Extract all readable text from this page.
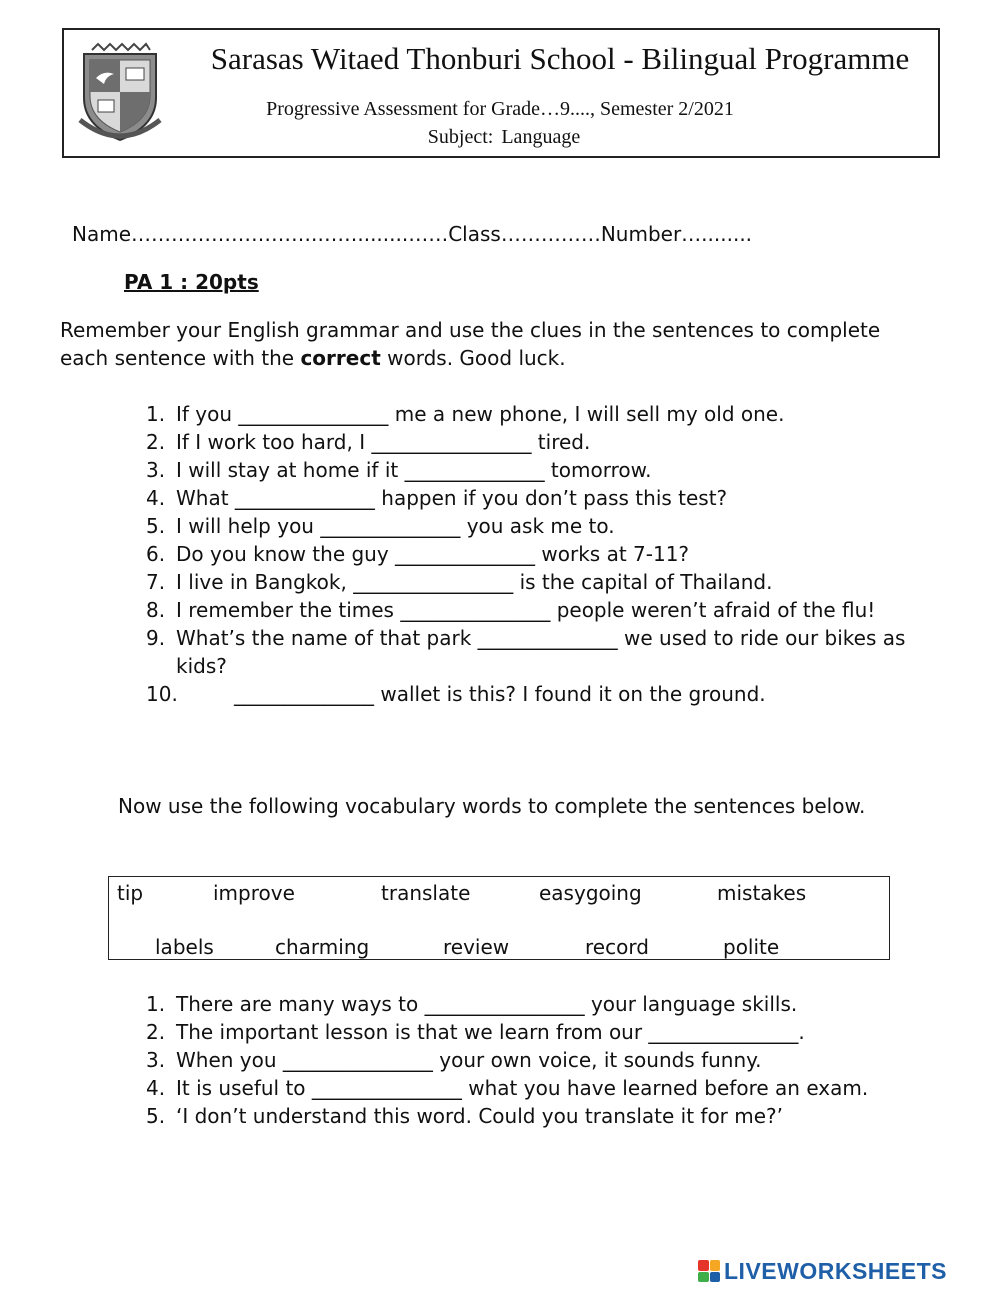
Sarasas Witaed Thonburi School - Bilingual Programme
Progressive Assessment for Grade…9...., Semester 2/2021
Subject: Language
Name……………………….……........……Class……………Number…........
PA 1 : 20pts
Remember your English grammar and use the clues in the sentences to complete each sentence with the correct words. Good luck.
1. If you _______________ me a new phone, I will sell my old one.
2. If I work too hard, I ________________ tired.
3. I will stay at home if it ______________ tomorrow.
4. What ______________ happen if you don’t pass this test?
5. I will help you ______________ you ask me to.
6. Do you know the guy ______________ works at 7-11?
7. I live in Bangkok, ________________ is the capital of Thailand.
8. I remember the times _______________ people weren’t afraid of the flu!
9. What’s the name of that park ______________ we used to ride our bikes as kids?
10.	______________ wallet is this? I found it on the ground.
Now use the following vocabulary words to complete the sentences below.
tip	improve	translate	easygoing	mistakes
labels	charming	review	record	polite
1. There are many ways to ________________ your language skills.
2. The important lesson is that we learn from our _______________.
3. When you _______________ your own voice, it sounds funny.
4. It is useful to _______________ what you have learned before an exam.
5. ‘I don’t understand this word. Could you translate it for me?’
LIVEWORKSHEETS
